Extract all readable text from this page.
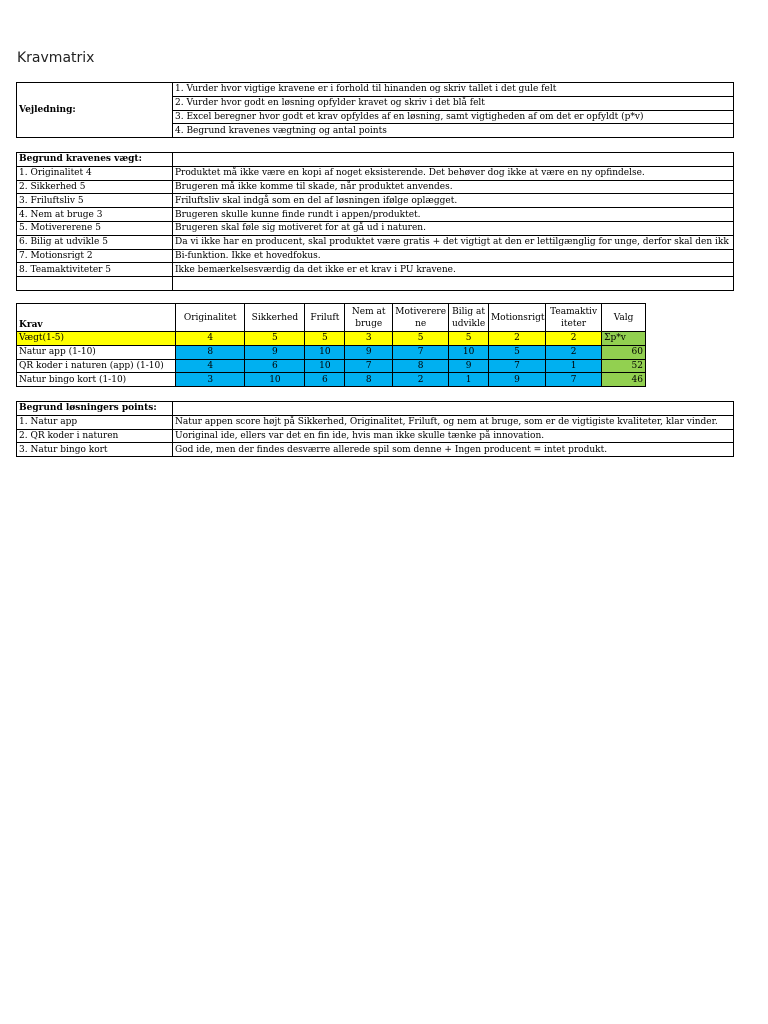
Kravmatrix
Vejledning:	1. Vurder hvor vigtige kravene er i forhold til hinanden og skriv tallet i det gule felt
2. Vurder hvor godt en løsning opfylder kravet og skriv i det blå felt
3. Excel beregner hvor godt et krav opfyldes af en løsning, samt vigtigheden af om det er opfyldt (p*v)
4. Begrund kravenes vægtning og antal points
Begrund kravenes vægt:	
1. Originalitet 4	Produktet må ikke være en kopi af noget eksisterende. Det behøver dog ikke at være en ny opfindelse.
2. Sikkerhed 5	Brugeren må ikke komme til skade, når produktet anvendes.
3. Friluftsliv 5	Friluftsliv skal indgå som en del af løsningen ifølge oplægget.
4. Nem at bruge 3	Brugeren skulle kunne finde rundt i appen/produktet.
5. Motivererene 5	Brugeren skal føle sig motiveret for at gå ud i naturen.
6. Bilig at udvikle 5	Da vi ikke har en producent, skal produktet være gratis + det vigtigt at den er lettilgænglig for unge, derfor skal den ikk
7. Motionsrigt 2	Bi-funktion. Ikke et hovedfokus.
8. Teamaktiviteter 5	Ikke bemærkelsesværdig da det ikke er et krav i PU kravene.

Krav	Originalitet	Sikkerhed	Friluft	Nem at bruge	Motiverere ne	Bilig at udvikle	Motionsrigt	Teamaktiv iteter	Valg
Vægt(1-5)	4	5	5	3	5	5	2	2	Σp*v
Natur app (1-10)	8	9	10	9	7	10	5	2	60
QR koder i naturen (app) (1-10)	4	6	10	7	8	9	7	1	52
Natur bingo kort (1-10)	3	10	6	8	2	1	9	7	46
Begrund løsningers points:	
1. Natur app	Natur appen score højt på Sikkerhed, Originalitet, Friluft, og nem at bruge, som er de vigtigiste kvaliteter, klar vinder.
2. QR koder i naturen	Uoriginal ide, ellers var det en fin ide, hvis man ikke skulle tænke på innovation.
3. Natur bingo kort	God ide, men der findes desværre allerede spil som denne + Ingen producent = intet produkt.
